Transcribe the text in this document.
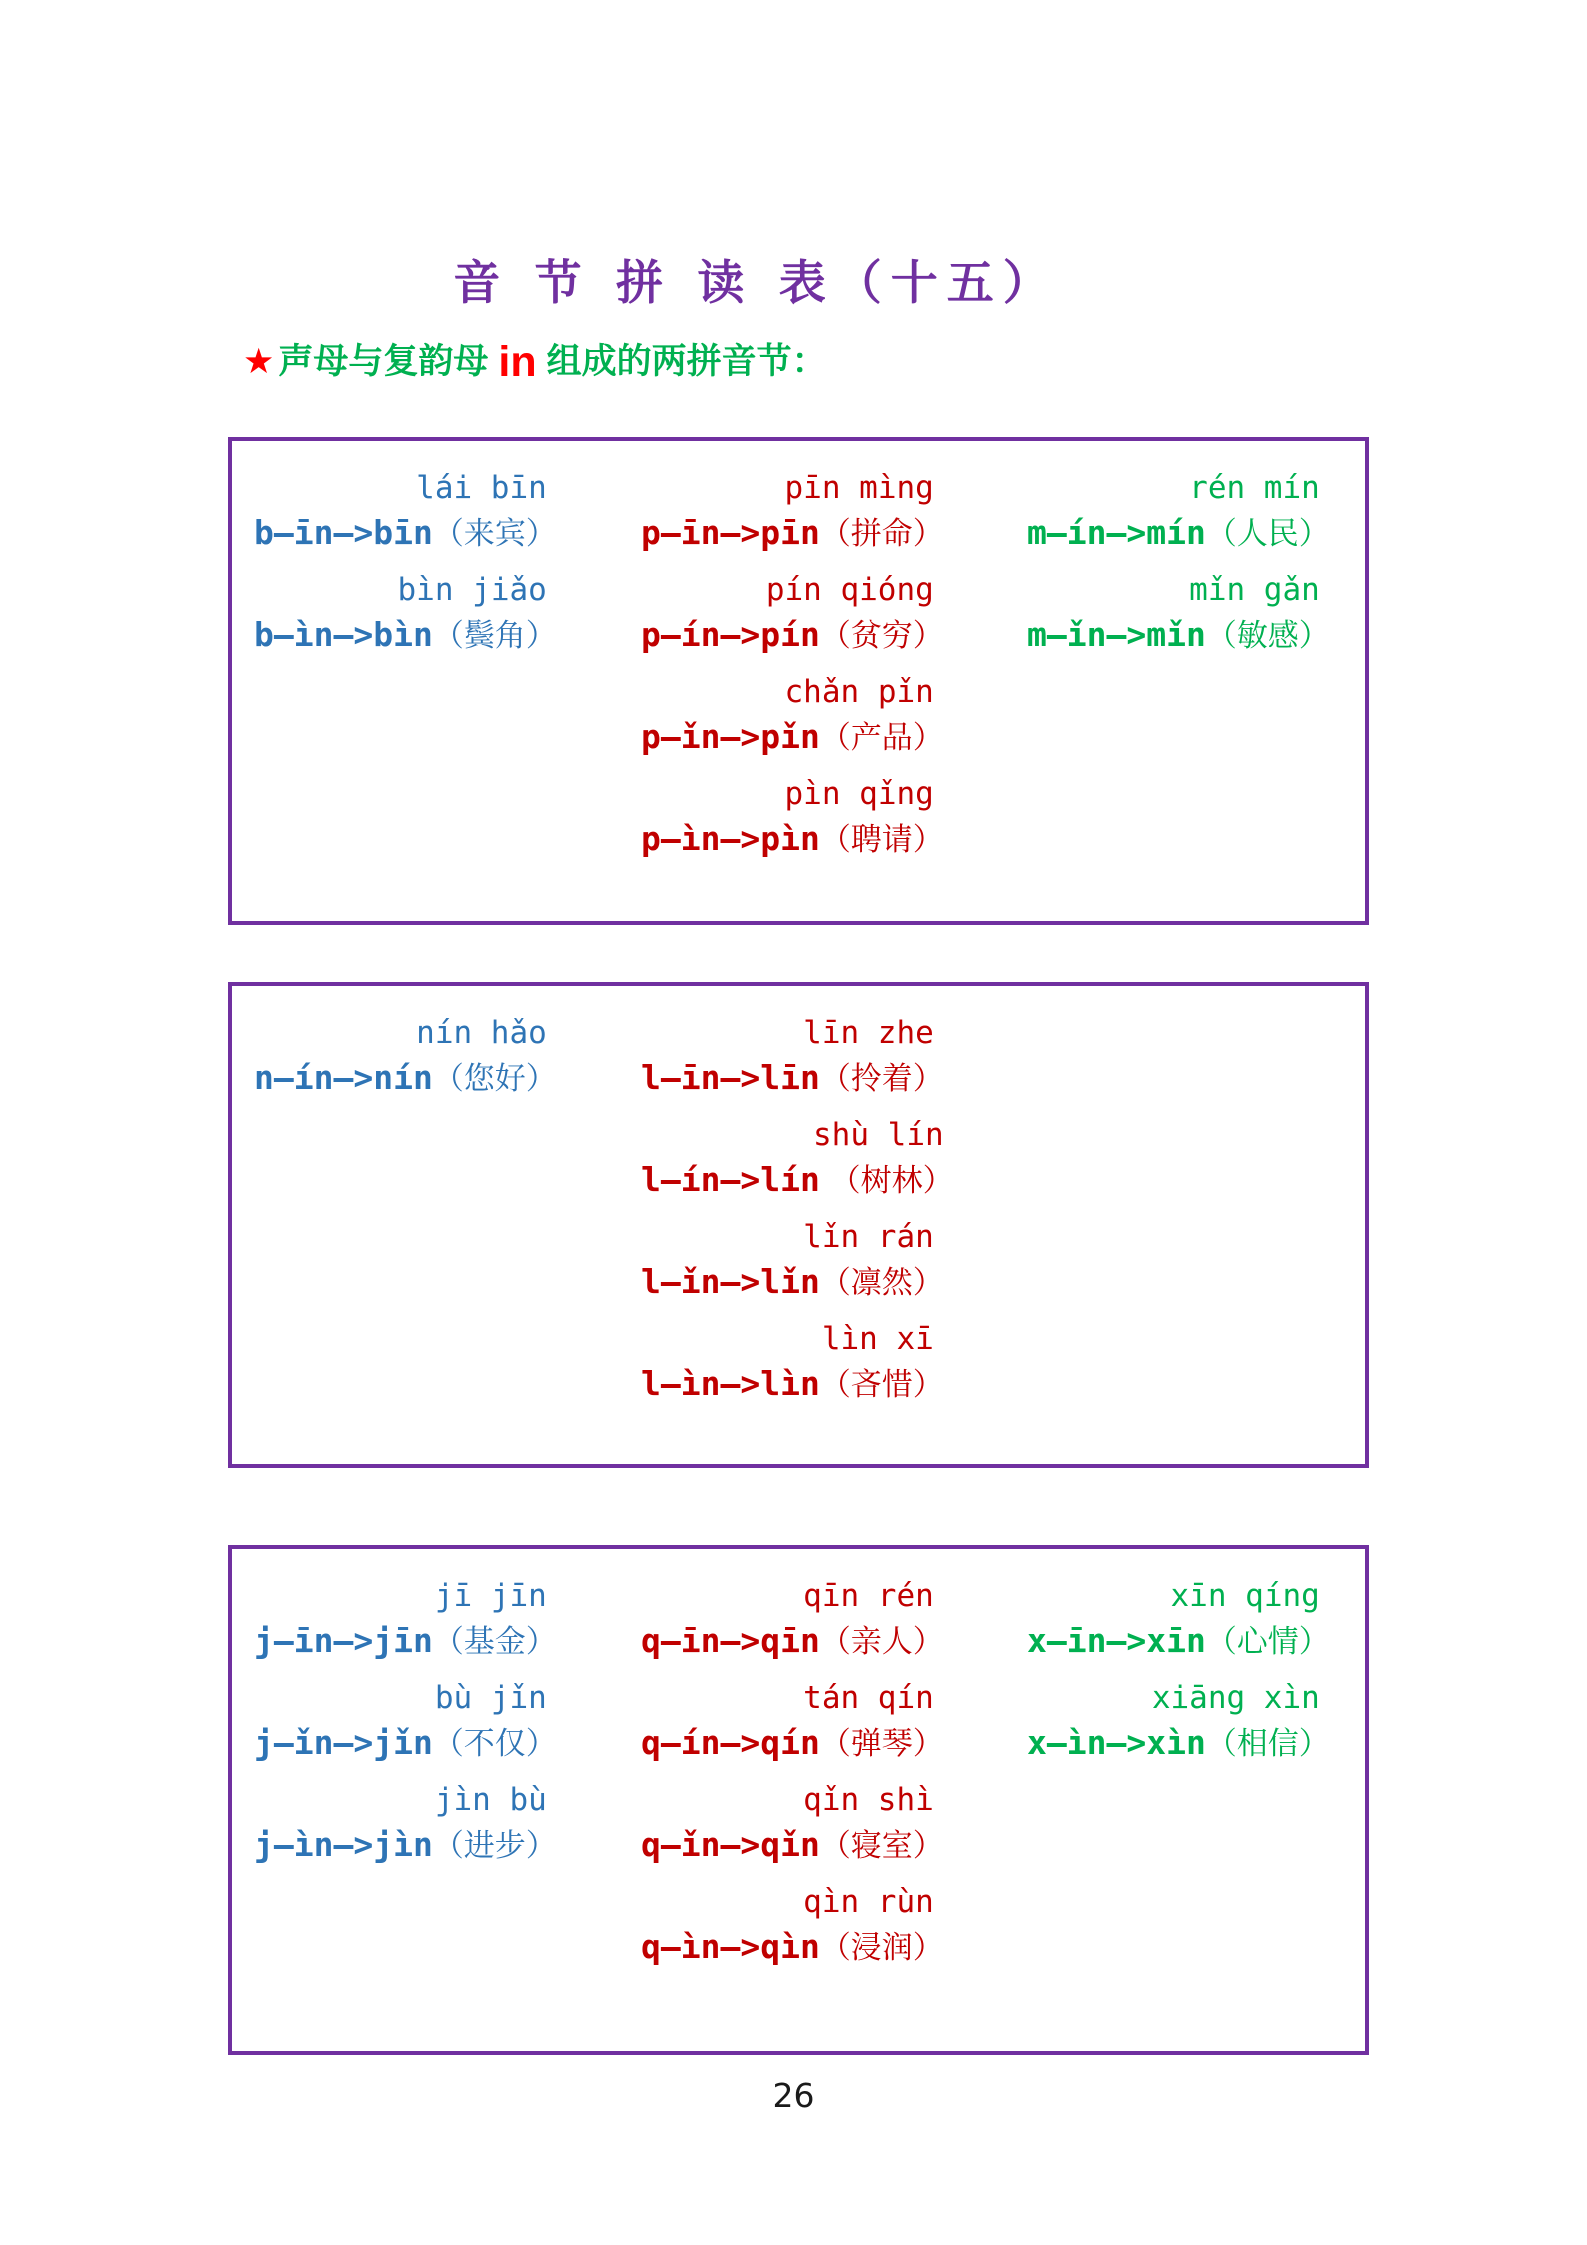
音 节 拼 读 表（十五）
★ 声母与复韵母 in 组成的两拼音节：
lái bīn
b—īn—>bīn（来宾）
bìn jiǎo
b—ìn—>bìn（鬓角）
pīn mìng
p—īn—>pīn（拼命）
pín qióng
p—ín—>pín（贫穷）
chǎn pǐn
p—ǐn—>pǐn（产品）
pìn qǐng
p—ìn—>pìn（聘请）
rén mín
m—ín—>mín（人民）
mǐn gǎn
m—ǐn—>mǐn（敏感）
nín hǎo
n—ín—>nín（您好）
līn zhe
l—īn—>līn（拎着）
shù lín
l—ín—>lín （树林）
lǐn rán
l—ǐn—>lǐn（凛然）
lìn xī
l—ìn—>lìn（吝惜）
jī jīn
j—īn—>jīn（基金）
bù jǐn
j—ǐn—>jǐn（不仅）
jìn bù
j—ìn—>jìn（进步）
qīn rén
q—īn—>qīn（亲人）
tán qín
q—ín—>qín（弹琴）
qǐn shì
q—ǐn—>qǐn（寝室）
qìn rùn
q—ìn—>qìn（浸润）
xīn qíng
x—īn—>xīn（心情）
xiāng xìn
x—ìn—>xìn（相信）
26
